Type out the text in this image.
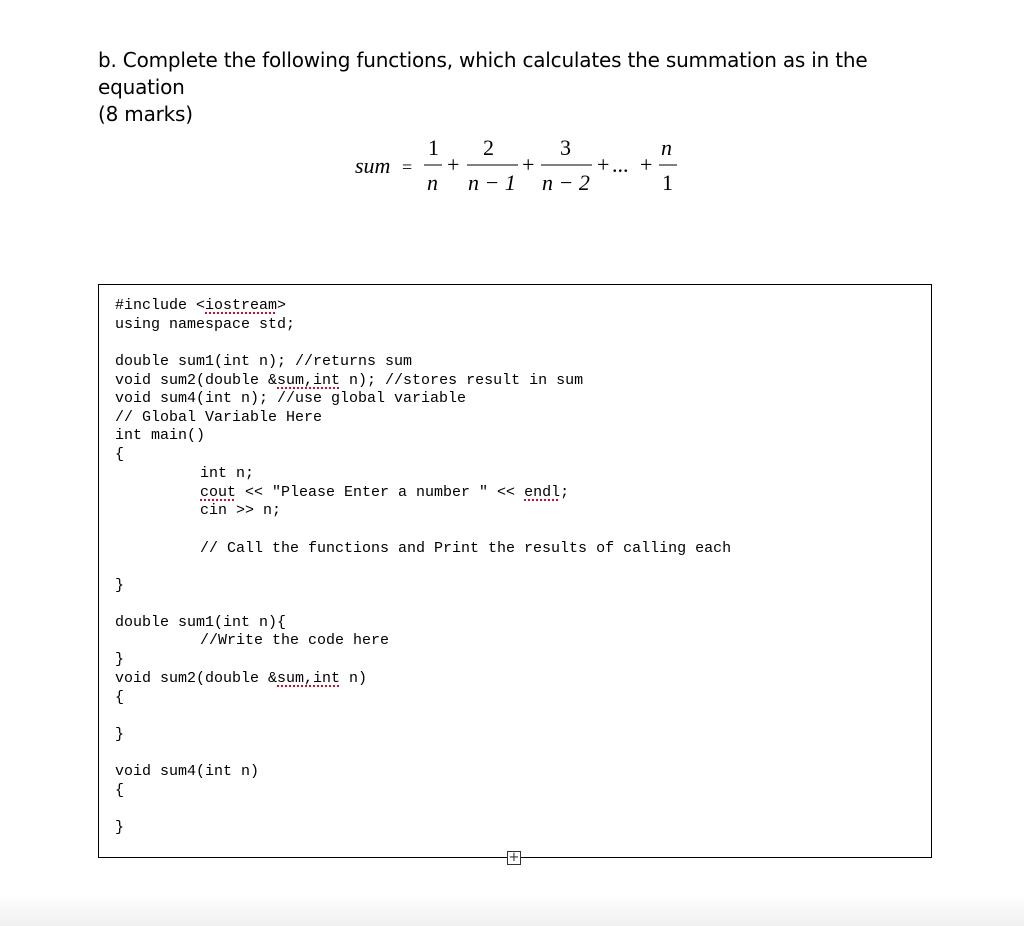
b. Complete the following functions, which calculates the summation as in the equation
(8 marks)
sum =
1
n
+
2
n − 1
+
3
n − 2
+ ... +
n
1
#include <iostream>
using namespace std;
double sum1(int n); //returns sum
void sum2(double &sum,int n); //stores result in sum
void sum4(int n); //use global variable
// Global Variable Here
int main()
{
int n;
cout << "Please Enter a number " << endl;
cin >> n;
// Call the functions and Print the results of calling each
}
double sum1(int n){
//Write the code here
}
void sum2(double &sum,int n)
{
}
void sum4(int n)
{
}
+
